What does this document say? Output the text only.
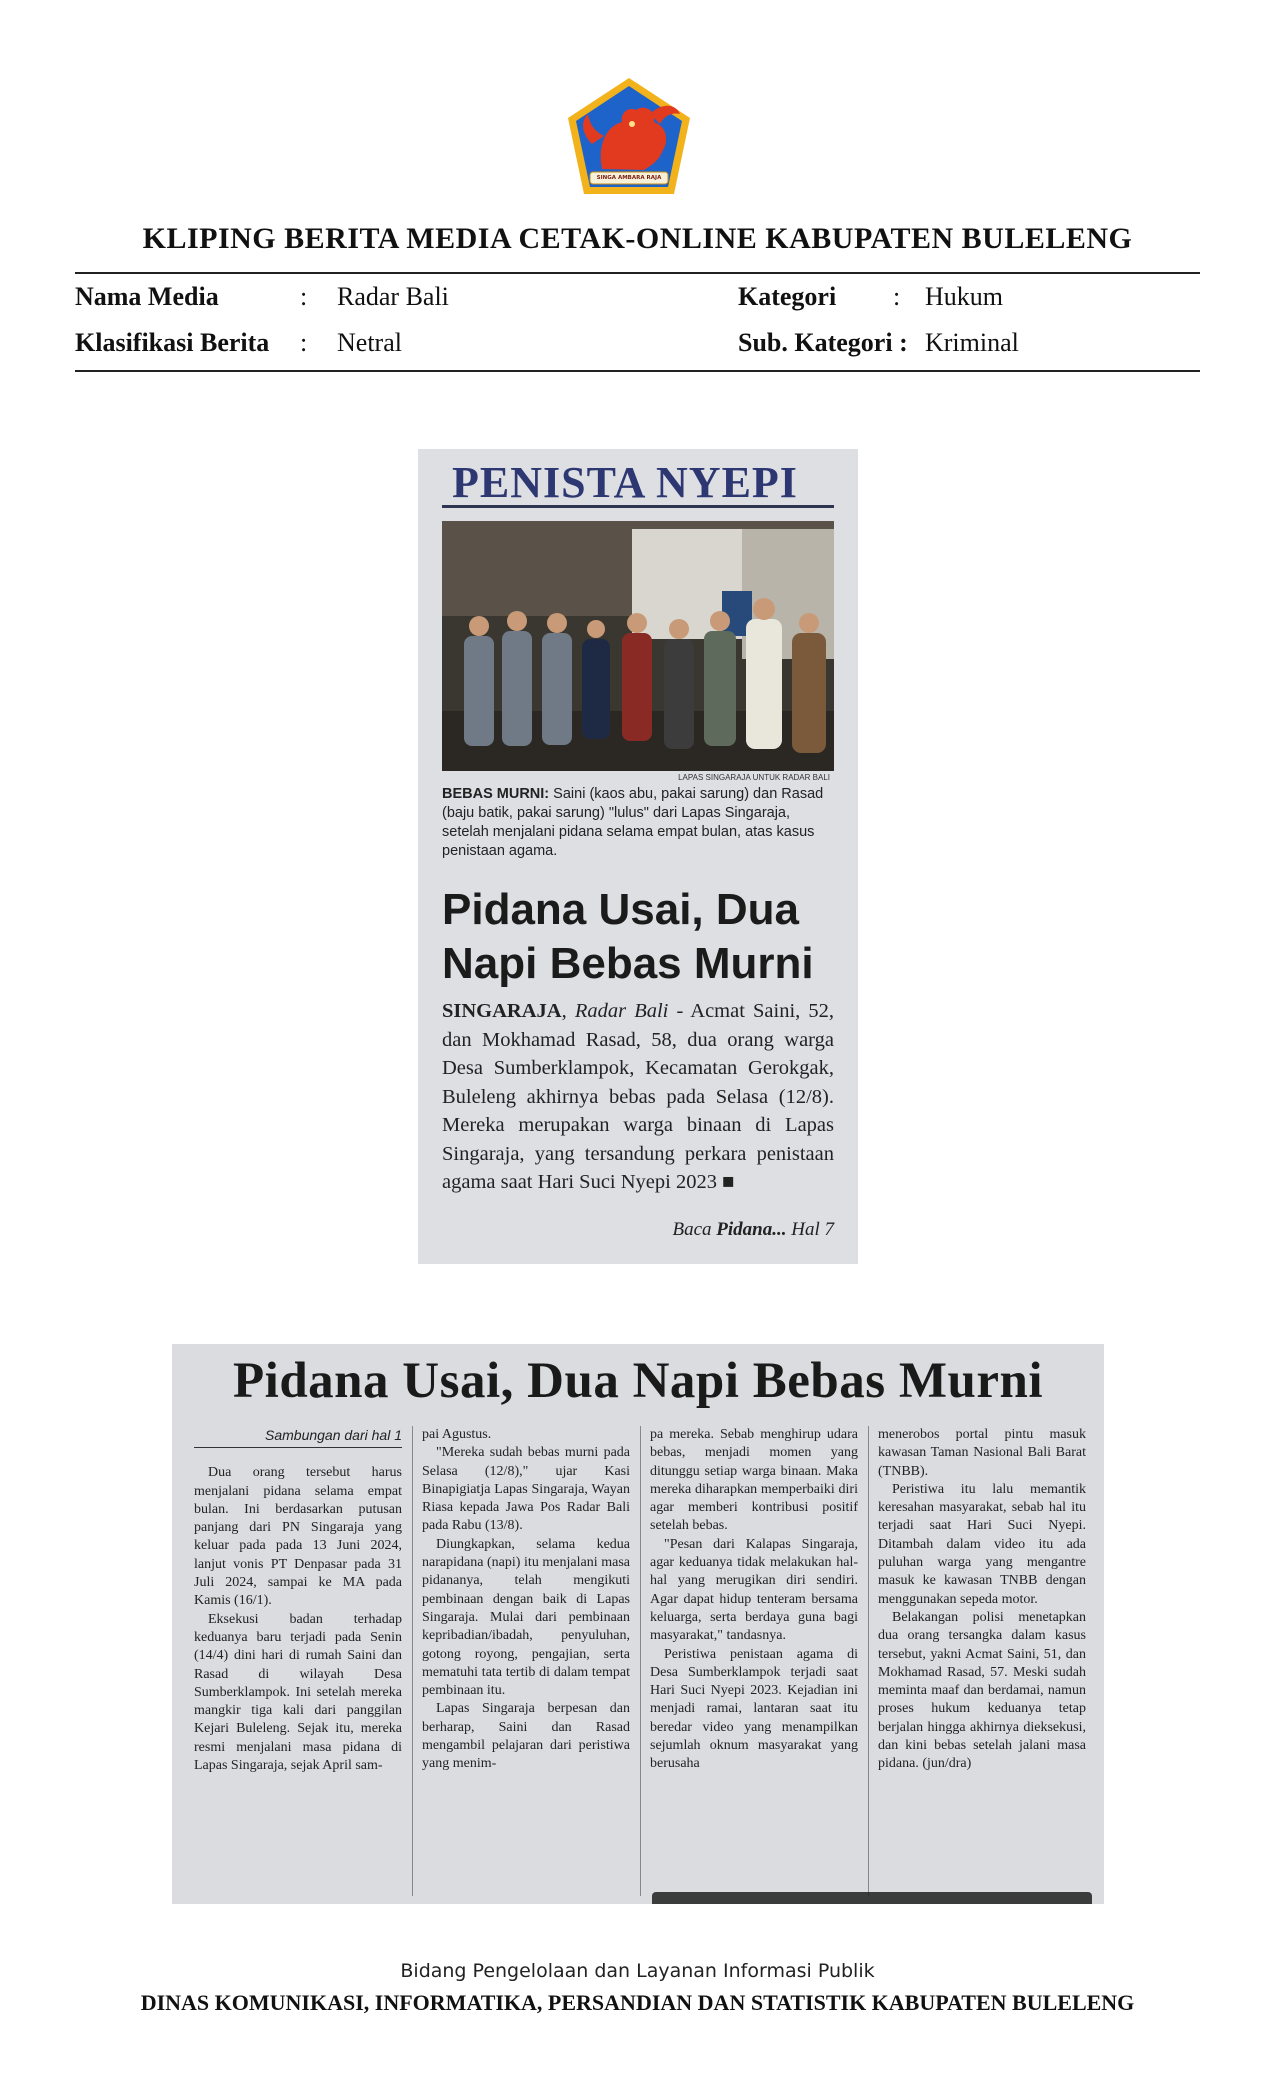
SINGA AMBARA RAJA
KLIPING BERITA MEDIA CETAK-ONLINE KABUPATEN BULELENG
Nama Media	: Radar Bali	Kategori : Hukum
Klasifikasi Berita : Netral	Sub. Kategori : Kriminal
PENISTA NYEPI
LAPAS SINGARAJA UNTUK RADAR BALI
BEBAS MURNI: Saini (kaos abu, pakai sarung) dan Rasad (baju batik, pakai sarung) "lulus" dari Lapas Singaraja, setelah menjalani pidana selama empat bulan, atas kasus penistaan agama.
Pidana Usai, Dua Napi Bebas Murni
SINGARAJA, Radar Bali - Acmat Saini, 52, dan Mokhamad Rasad, 58, dua orang warga Desa Sumberklampok, Kecamatan Gerokgak, Buleleng akhirnya bebas pada Selasa (12/8). Mereka merupakan warga binaan di Lapas Singaraja, yang tersandung perkara penistaan agama saat Hari Suci Nyepi 2023 ■
Baca Pidana... Hal 7
Pidana Usai, Dua Napi Bebas Murni
Sambungan dari hal 1

Dua orang tersebut harus menjalani pidana selama empat bulan. Ini berdasarkan putusan panjang dari PN Singaraja yang keluar pada pada 13 Juni 2024, lanjut vonis PT Denpasar pada 31 Juli 2024, sampai ke MA pada Kamis (16/1).

Eksekusi badan terhadap keduanya baru terjadi pada Senin (14/4) dini hari di rumah Saini dan Rasad di wilayah Desa Sumberklampok. Ini setelah mereka mangkir tiga kali dari panggilan Kejari Buleleng. Sejak itu, mereka resmi menjalani masa pidana di Lapas Singaraja, sejak April sam-

pai Agustus.

"Mereka sudah bebas murni pada Selasa (12/8)," ujar Kasi Binapigiatja Lapas Singaraja, Wayan Riasa kepada Jawa Pos Radar Bali pada Rabu (13/8).

Diungkapkan, selama kedua narapidana (napi) itu menjalani masa pidananya, telah mengikuti pembinaan dengan baik di Lapas Singaraja. Mulai dari pembinaan kepribadian/ibadah, penyuluhan, gotong royong, pengajian, serta mematuhi tata tertib di dalam tempat pembinaan itu.

Lapas Singaraja berpesan dan berharap, Saini dan Rasad mengambil pelajaran dari peristiwa yang menim-

pa mereka. Sebab menghirup udara bebas, menjadi momen yang ditunggu setiap warga binaan. Maka mereka diharapkan memperbaiki diri agar memberi kontribusi positif setelah bebas.

"Pesan dari Kalapas Singaraja, agar keduanya tidak melakukan hal-hal yang merugikan diri sendiri. Agar dapat hidup tenteram bersama keluarga, serta berdaya guna bagi masyarakat," tandasnya.

Peristiwa penistaan agama di Desa Sumberklampok terjadi saat Hari Suci Nyepi 2023. Kejadian ini menjadi ramai, lantaran saat itu beredar video yang menampilkan sejumlah oknum masyarakat yang berusaha

menerobos portal pintu masuk kawasan Taman Nasional Bali Barat (TNBB).

Peristiwa itu lalu memantik keresahan masyarakat, sebab hal itu terjadi saat Hari Suci Nyepi. Ditambah dalam video itu ada puluhan warga yang mengantre masuk ke kawasan TNBB dengan menggunakan sepeda motor.

Belakangan polisi menetapkan dua orang tersangka dalam kasus tersebut, yakni Acmat Saini, 51, dan Mokhamad Rasad, 57. Meski sudah meminta maaf dan berdamai, namun proses hukum keduanya tetap berjalan hingga akhirnya dieksekusi, dan kini bebas setelah jalani masa pidana. (jun/dra)

Bidang Pengelolaan dan Layanan Informasi Publik
DINAS KOMUNIKASI, INFORMATIKA, PERSANDIAN DAN STATISTIK KABUPATEN BULELENG
